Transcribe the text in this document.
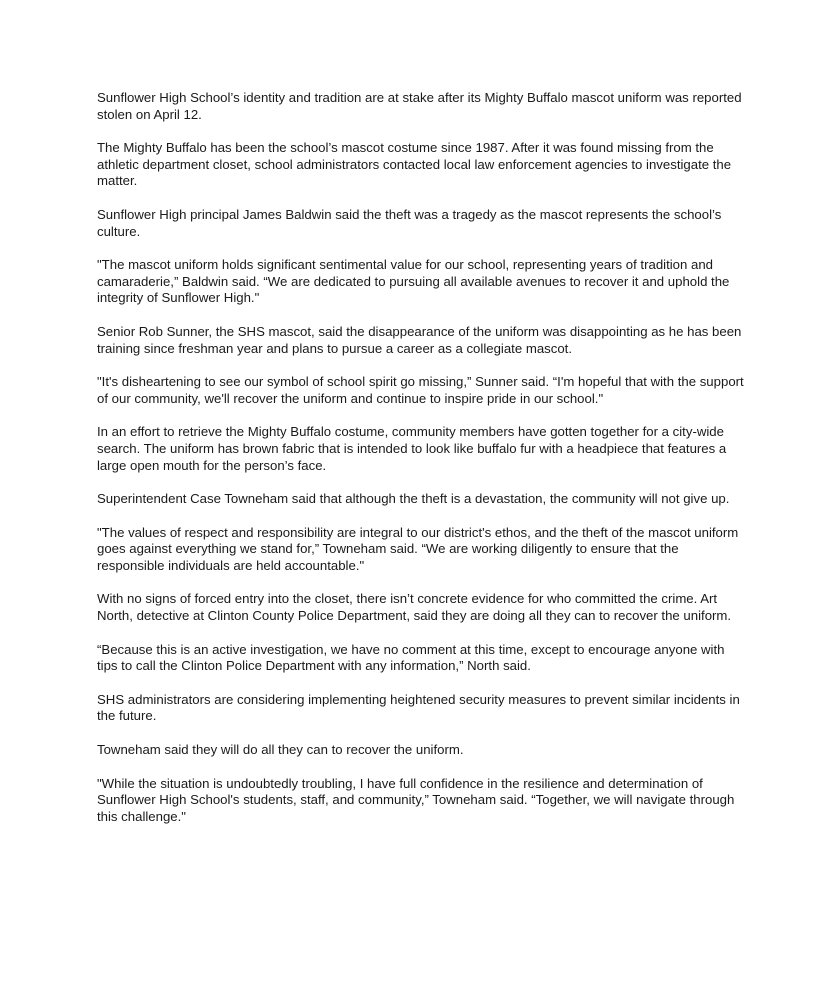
Sunflower High School’s identity and tradition are at stake after its Mighty Buffalo mascot uniform was reported stolen on April 12.

The Mighty Buffalo has been the school’s mascot costume since 1987. After it was found missing from the athletic department closet, school administrators contacted local law enforcement agencies to investigate the matter.

Sunflower High principal James Baldwin said the theft was a tragedy as the mascot represents the school’s culture.

"The mascot uniform holds significant sentimental value for our school, representing years of tradition and camaraderie,” Baldwin said. “We are dedicated to pursuing all available avenues to recover it and uphold the integrity of Sunflower High."

Senior Rob Sunner, the SHS mascot, said the disappearance of the uniform was disappointing as he has been training since freshman year and plans to pursue a career as a collegiate mascot.

"It's disheartening to see our symbol of school spirit go missing,” Sunner said. “I'm hopeful that with the support of our community, we'll recover the uniform and continue to inspire pride in our school."

In an effort to retrieve the Mighty Buffalo costume, community members have gotten together for a city-wide search. The uniform has brown fabric that is intended to look like buffalo fur with a headpiece that features a large open mouth for the person’s face.

Superintendent Case Towneham said that although the theft is a devastation, the community will not give up.

"The values of respect and responsibility are integral to our district's ethos, and the theft of the mascot uniform goes against everything we stand for,” Towneham said. “We are working diligently to ensure that the responsible individuals are held accountable."

With no signs of forced entry into the closet, there isn’t concrete evidence for who committed the crime. Art North, detective at Clinton County Police Department, said they are doing all they can to recover the uniform.

“Because this is an active investigation, we have no comment at this time, except to encourage anyone with tips to call the Clinton Police Department with any information,” North said.

SHS administrators are considering implementing heightened security measures to prevent similar incidents in the future.

Towneham said they will do all they can to recover the uniform.

"While the situation is undoubtedly troubling, I have full confidence in the resilience and determination of Sunflower High School's students, staff, and community,” Towneham said. “Together, we will navigate through this challenge."
